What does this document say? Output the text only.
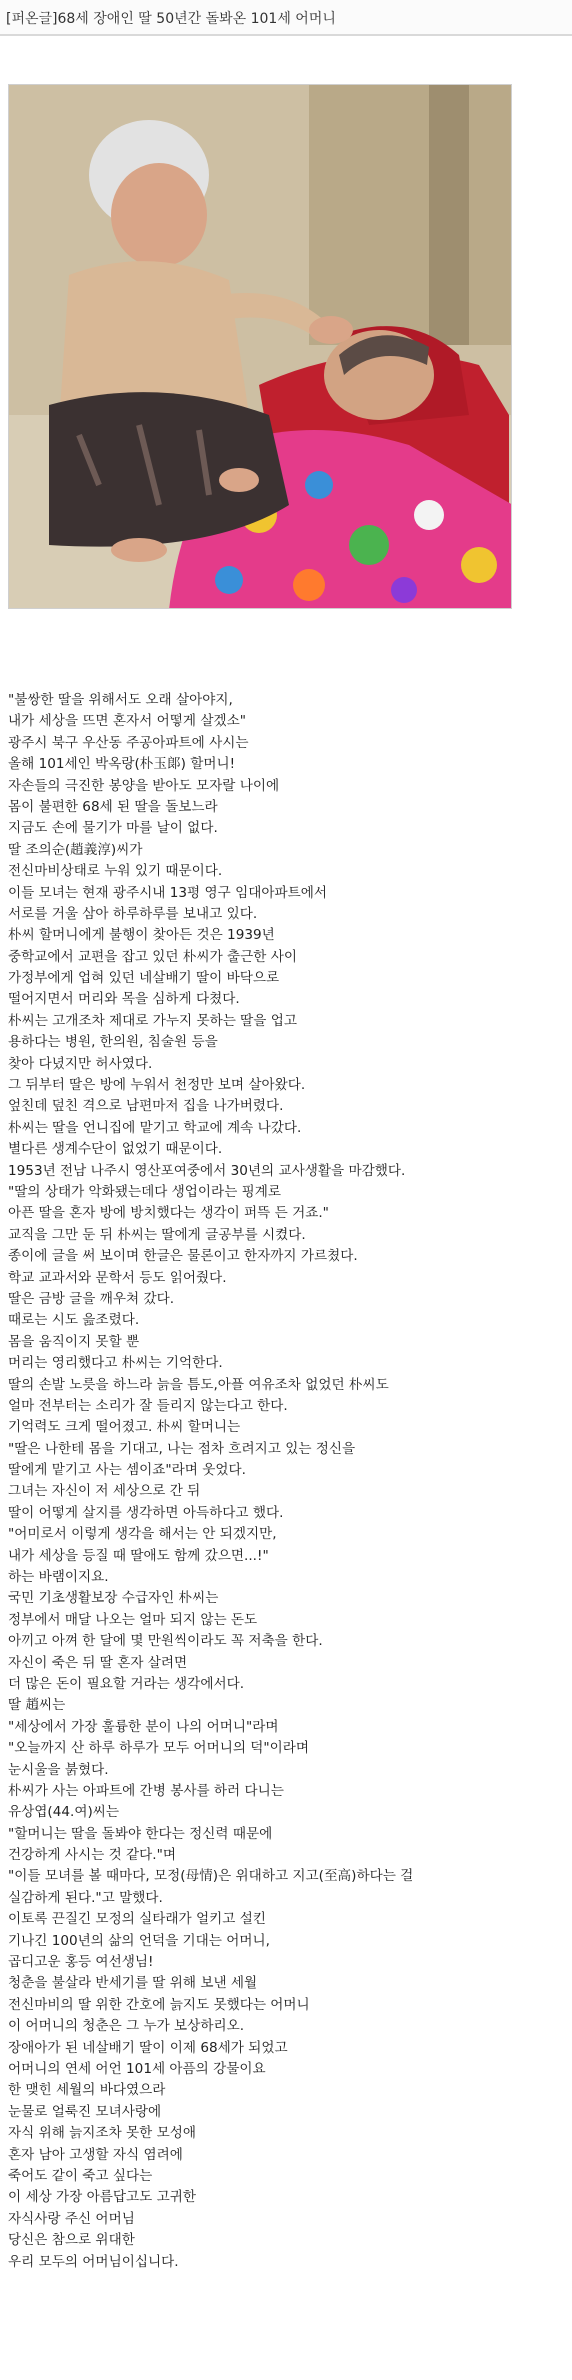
[퍼온글]68세 장애인 딸 50년간 돌봐온 101세 어머니
"불쌍한 딸을 위해서도 오래 살아야지,
내가 세상을 뜨면 혼자서 어떻게 살겠소"
광주시 북구 우산동 주공아파트에 사시는
올해 101세인 박옥랑(朴玉郞) 할머니!
자손들의 극진한 봉양을 받아도 모자랄 나이에
몸이 불편한 68세 된 딸을 돌보느라
지금도 손에 물기가 마를 날이 없다.
딸 조의순(趙義淳)씨가
전신마비상태로 누워 있기 때문이다.
이들 모녀는 현재 광주시내 13평 영구 임대아파트에서
서로를 거울 삼아 하루하루를 보내고 있다.
朴씨 할머니에게 불행이 찾아든 것은 1939년
중학교에서 교편을 잡고 있던 朴씨가 출근한 사이
가정부에게 업혀 있던 네살배기 딸이 바닥으로
떨어지면서 머리와 목을 심하게 다쳤다.
朴씨는 고개조차 제대로 가누지 못하는 딸을 업고
용하다는 병원, 한의원, 침술원 등을
찾아 다녔지만 허사였다.
그 뒤부터 딸은 방에 누워서 천정만 보며 살아왔다.
엎친데 덮친 격으로 남편마저 집을 나가버렸다.
朴씨는 딸을 언니집에 맡기고 학교에 계속 나갔다.
별다른 생계수단이 없었기 때문이다.
1953년 전남 나주시 영산포여중에서 30년의 교사생활을 마감했다.
"딸의 상태가 악화됐는데다 생업이라는 핑계로
아픈 딸을 혼자 방에 방치했다는 생각이 퍼뜩 든 거죠."
교직을 그만 둔 뒤 朴씨는 딸에게 글공부를 시켰다.
종이에 글을 써 보이며 한글은 물론이고 한자까지 가르쳤다.
학교 교과서와 문학서 등도 읽어줬다.
딸은 금방 글을 깨우쳐 갔다.
때로는 시도 읊조렸다.
몸을 움직이지 못할 뿐
머리는 영리했다고 朴씨는 기억한다.
딸의 손발 노릇을 하느라 늙을 틈도,아플 여유조차 없었던 朴씨도
얼마 전부터는 소리가 잘 들리지 않는다고 한다.
기억력도 크게 떨어졌고. 朴씨 할머니는
"딸은 나한테 몸을 기대고, 나는 점차 흐려지고 있는 정신을
딸에게 맡기고 사는 셈이죠"라며 웃었다.
그녀는 자신이 저 세상으로 간 뒤
딸이 어떻게 살지를 생각하면 아득하다고 했다.
"어미로서 이렇게 생각을 해서는 안 되겠지만,
내가 세상을 등질 때 딸애도 함께 갔으면...!"
하는 바램이지요.
국민 기초생활보장 수급자인 朴씨는
정부에서 매달 나오는 얼마 되지 않는 돈도
아끼고 아껴 한 달에 몇 만원씩이라도 꼭 저축을 한다.
자신이 죽은 뒤 딸 혼자 살려면
더 많은 돈이 필요할 거라는 생각에서다.
딸 趙씨는
"세상에서 가장 훌륭한 분이 나의 어머니"라며
"오늘까지 산 하루 하루가 모두 어머니의 덕"이라며
눈시울을 붉혔다.
朴씨가 사는 아파트에 간병 봉사를 하러 다니는
유상엽(44.여)씨는
"할머니는 딸을 돌봐야 한다는 정신력 때문에
건강하게 사시는 것 같다."며
"이들 모녀를 볼 때마다, 모정(母情)은 위대하고 지고(至高)하다는 걸
실감하게 된다."고 말했다.
이토록 끈질긴 모정의 실타래가 얼키고 설킨
기나긴 100년의 삶의 언덕을 기대는 어머니,
곱디고운 홍등 여선생님!
청춘을 불살라 반세기를 딸 위해 보낸 세월
전신마비의 딸 위한 간호에 늙지도 못했다는 어머니
이 어머니의 청춘은 그 누가 보상하리오.
장애아가 된 네살배기 딸이 이제 68세가 되었고
어머니의 연세 어언 101세 아픔의 강물이요
한 맺힌 세월의 바다였으라
눈물로 얼룩진 모녀사랑에
자식 위해 늙지조차 못한 모성애
혼자 남아 고생할 자식 염려에
죽어도 같이 죽고 싶다는
이 세상 가장 아름답고도 고귀한
자식사랑 주신 어머님
당신은 참으로 위대한
우리 모두의 어머님이십니다.
